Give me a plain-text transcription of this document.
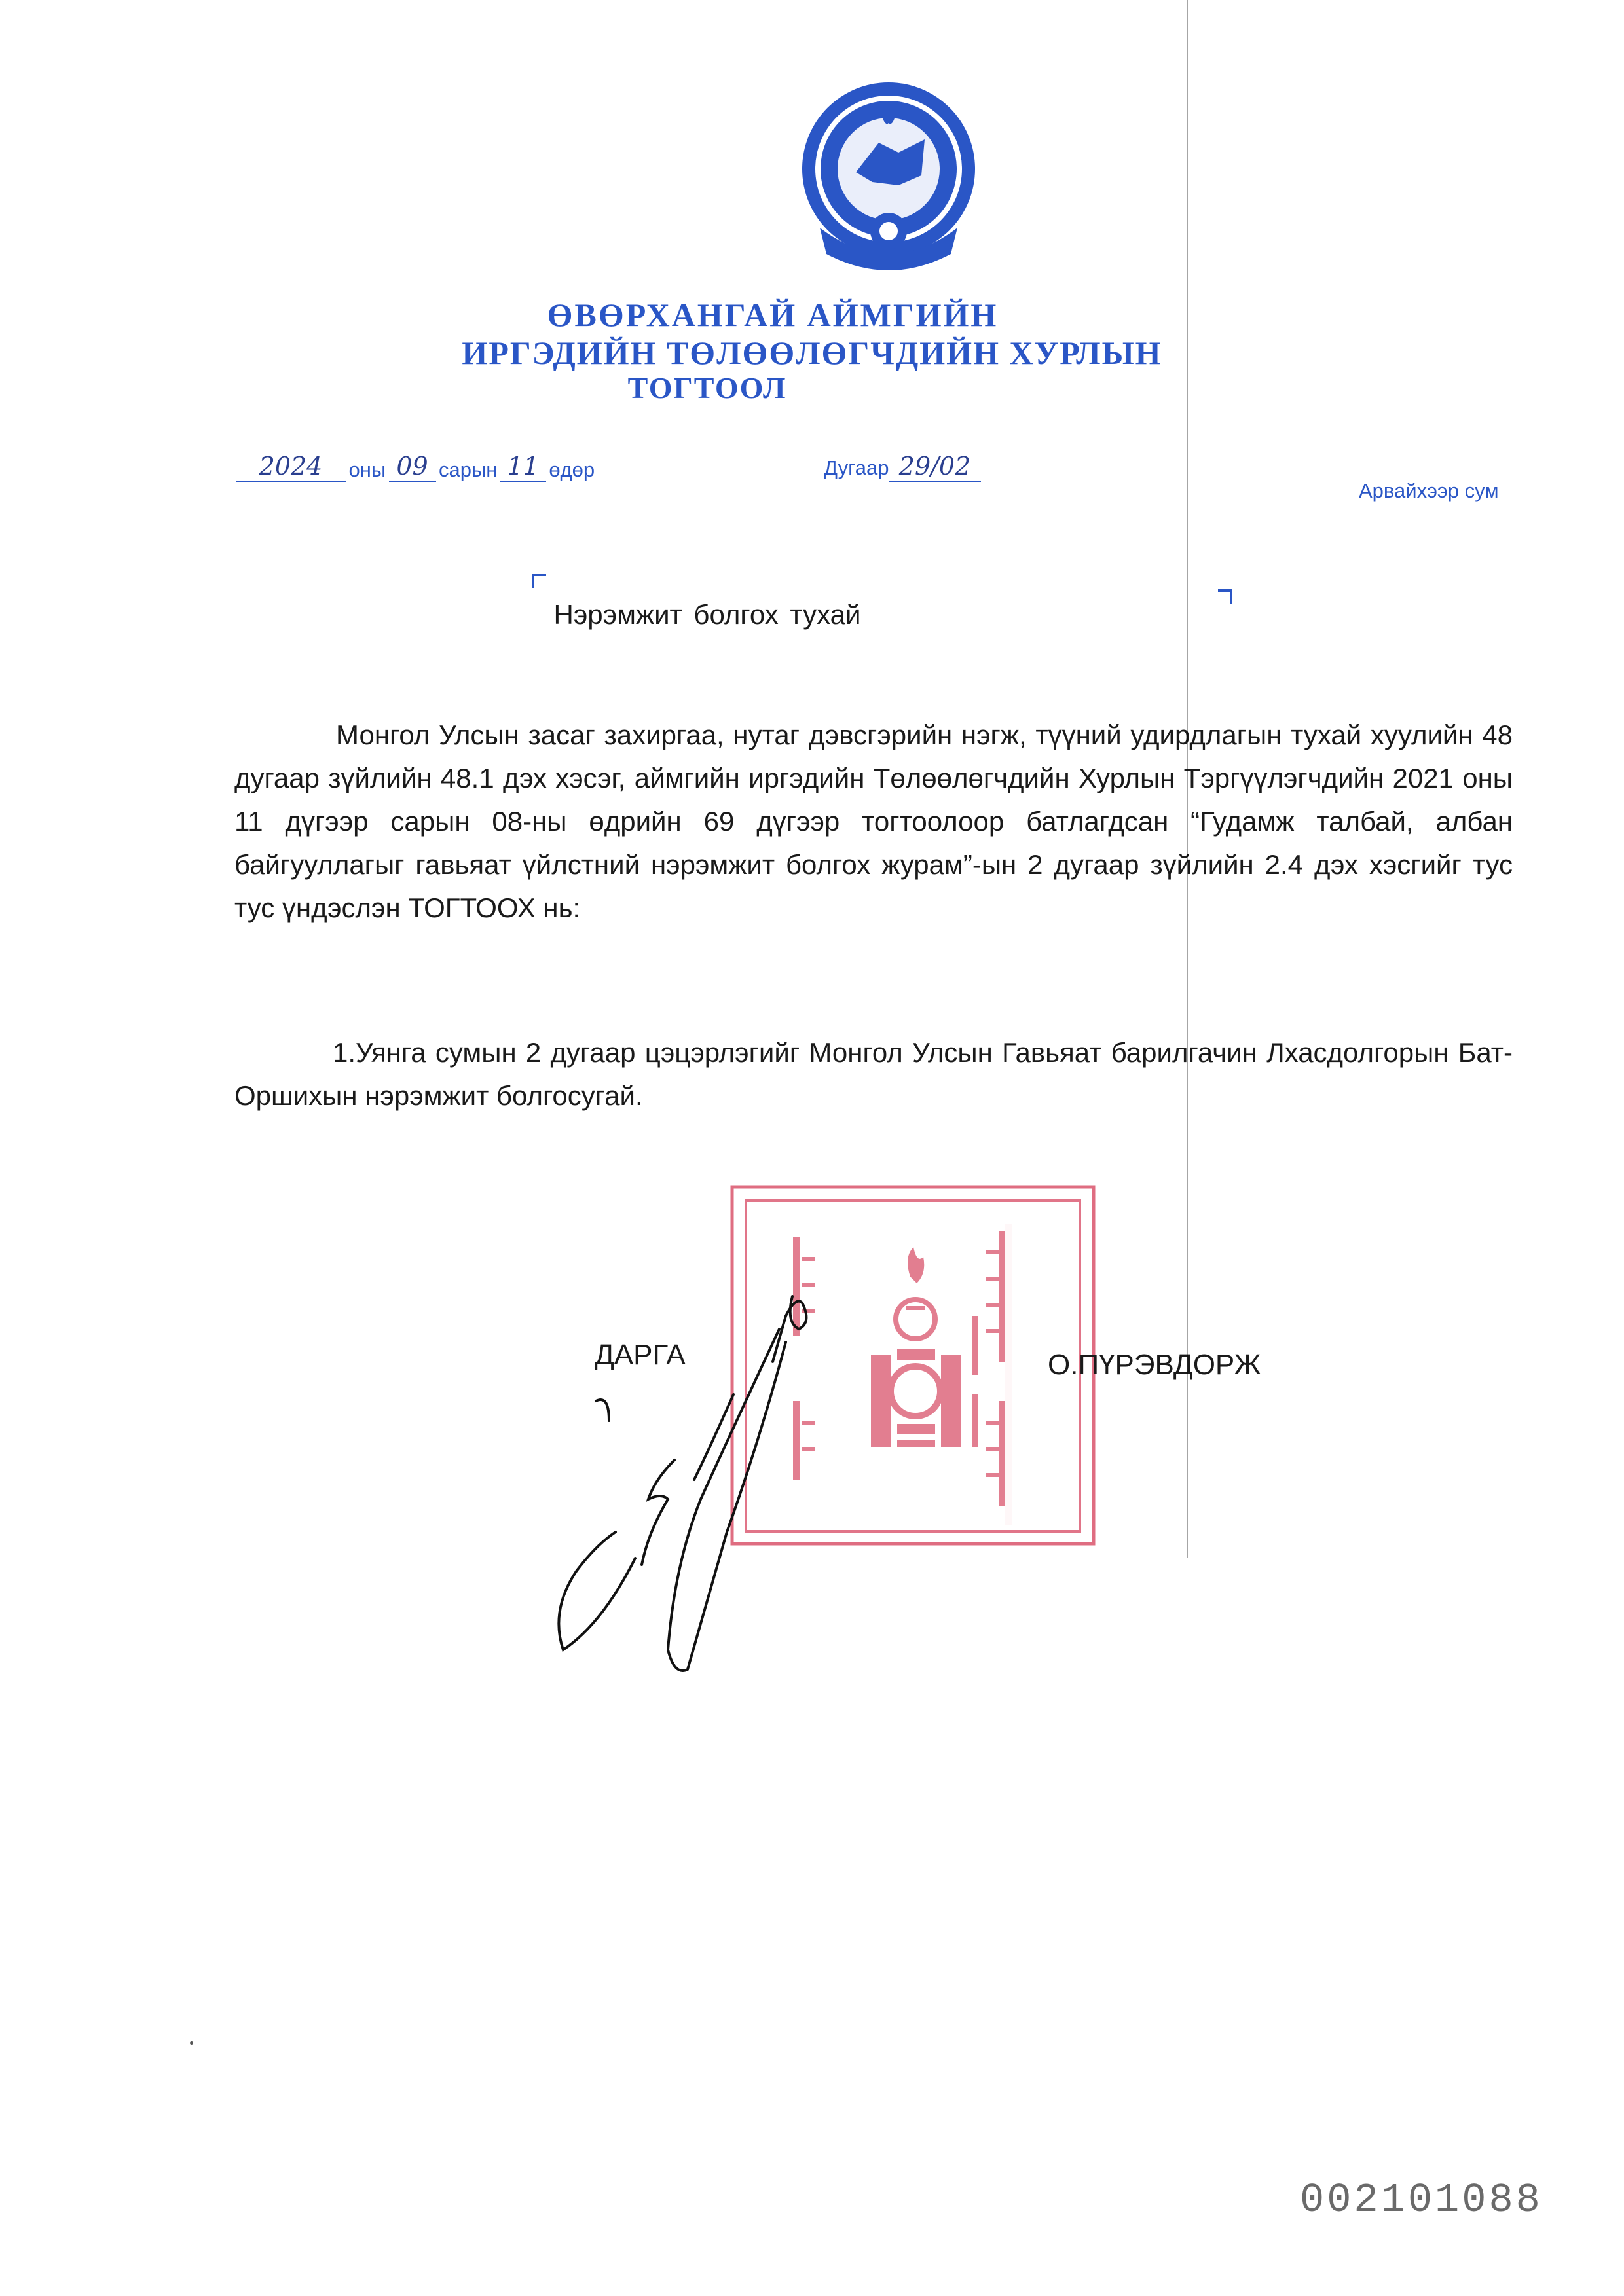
ӨВӨРХАНГАЙ АЙМГИЙН
ИРГЭДИЙН ТӨЛӨӨЛӨГЧДИЙН ХУРЛЫН
ТОГТООЛ
2024 оны 09 сарын 11 өдөр	Дугаар 29/02
Арвайхээр сум
Нэрэмжит болгох тухай
Монгол Улсын засаг захиргаа, нутаг дэвсгэрийн нэгж, түүний удирдлагын тухай хуулийн 48 дугаар зүйлийн 48.1 дэх хэсэг, аймгийн иргэдийн Төлөөлөгчдийн Хурлын Тэргүүлэгчдийн 2021 оны 11 дүгээр сарын 08-ны өдрийн 69 дүгээр тогтоолоор батлагдсан “Гудамж талбай, албан байгууллагыг гавьяат үйлстний нэрэмжит болгох журам”-ын 2 дугаар зүйлийн 2.4 дэх хэсгийг тус тус үндэслэн ТОГТООХ нь:
1.Уянга сумын 2 дугаар цэцэрлэгийг Монгол Улсын Гавьяат барилгачин Лхасдолгорын Бат-Оршихын нэрэмжит болгосугай.
ДАРГА	О.ПҮРЭВДОРЖ
002101088
